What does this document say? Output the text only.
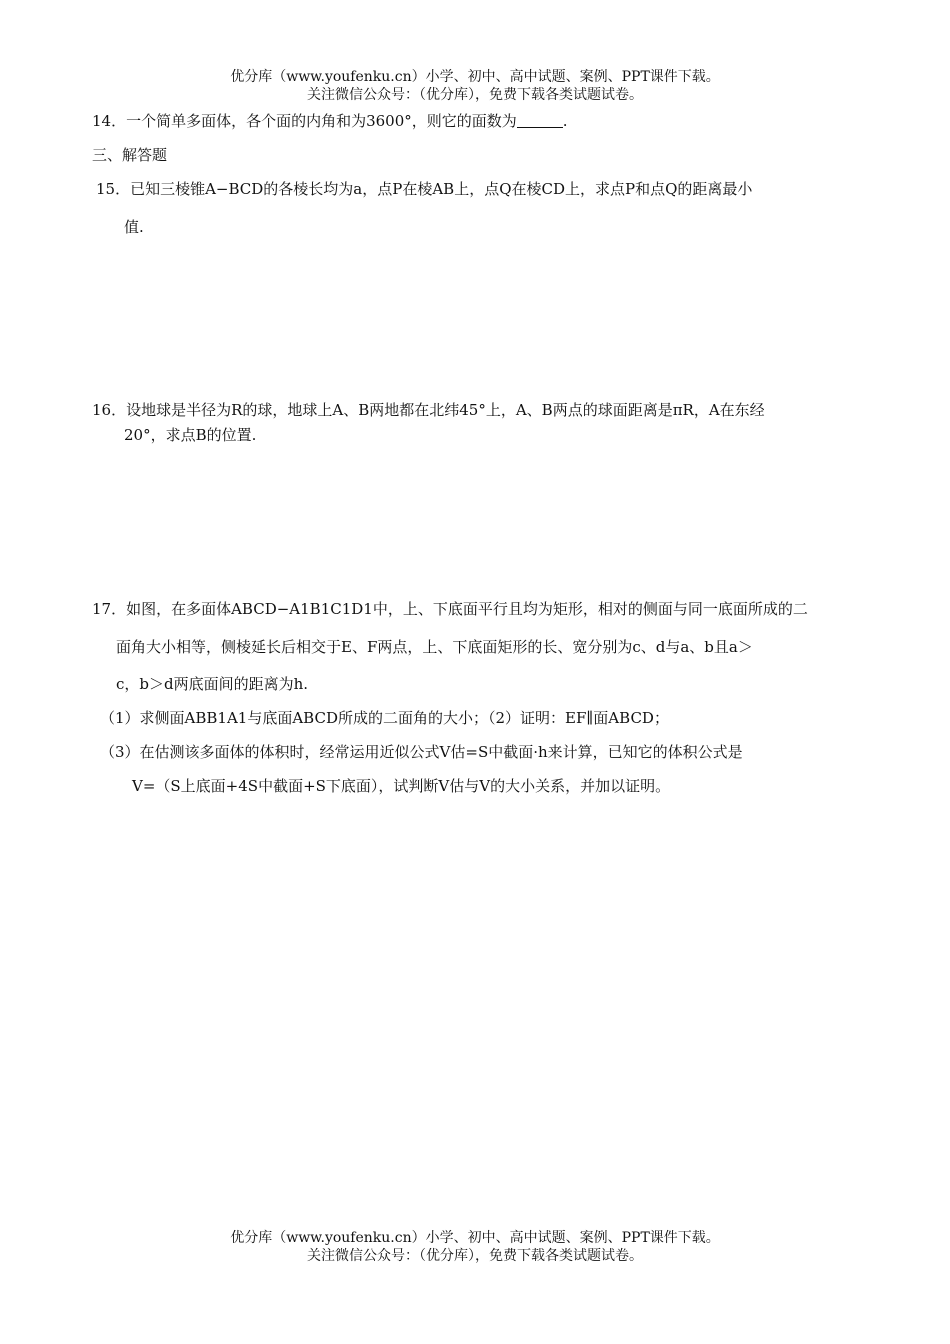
优分库（www.youfenku.cn）小学、初中、高中试题、案例、PPT课件下载。
关注微信公众号：（优分库），免费下载各类试题试卷。
14．一个简单多面体，各个面的内角和为3600°，则它的面数为	.
三、解答题
15．已知三棱锥A−BCD的各棱长均为a，点P在棱AB上，点Q在棱CD上，求点P和点Q的距离最小
值.
16．设地球是半径为R的球，地球上A、B两地都在北纬45°上，A、B两点的球面距离是πR，A在东经
20°，求点B的位置.
17．如图，在多面体ABCD−A1B1C1D1中，上、下底面平行且均为矩形，相对的侧面与同一底面所成的二
面角大小相等，侧棱延长后相交于E、F两点，上、下底面矩形的长、宽分别为c、d与a、b且a＞
c，b＞d两底面间的距离为h.
（1）求侧面ABB1A1与底面ABCD所成的二面角的大小；（2）证明：EF∥面ABCD；
（3）在估测该多面体的体积时，经常运用近似公式V估=S中截面·h来计算，已知它的体积公式是
V=（S上底面+4S中截面+S下底面），试判断V估与V的大小关系，并加以证明。
优分库（www.youfenku.cn）小学、初中、高中试题、案例、PPT课件下载。
关注微信公众号：（优分库），免费下载各类试题试卷。
